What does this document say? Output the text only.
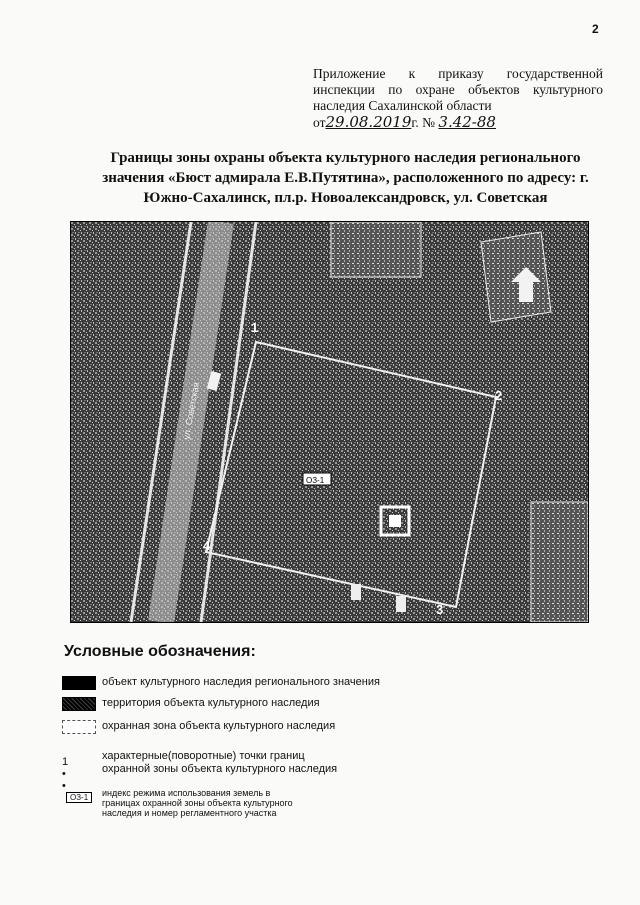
2
Приложение к приказу государственной
инспекции по охране объектов культурного
наследия Сахалинской области
от29.08.2019г. № 3.42-88
Границы зоны охраны объекта культурного наследия регионального значения «Бюст адмирала Е.В.Путятина», расположенного по адресу: г. Южно-Сахалинск, пл.р. Новоалександровск, ул. Советская
1
2
3
4
ОЗ-1
ул. Советская
Условные обозначения:
объект культурного наследия регионального значения
территория объекта культурного наследия
охранная зона объекта культурного наследия
1 • •
характерные(поворотные) точки границ
охранной зоны объекта культурного наследия
ОЗ-1	индекс режима использования земель в
границах охранной зоны объекта культурного
наследия и номер регламентного участка
